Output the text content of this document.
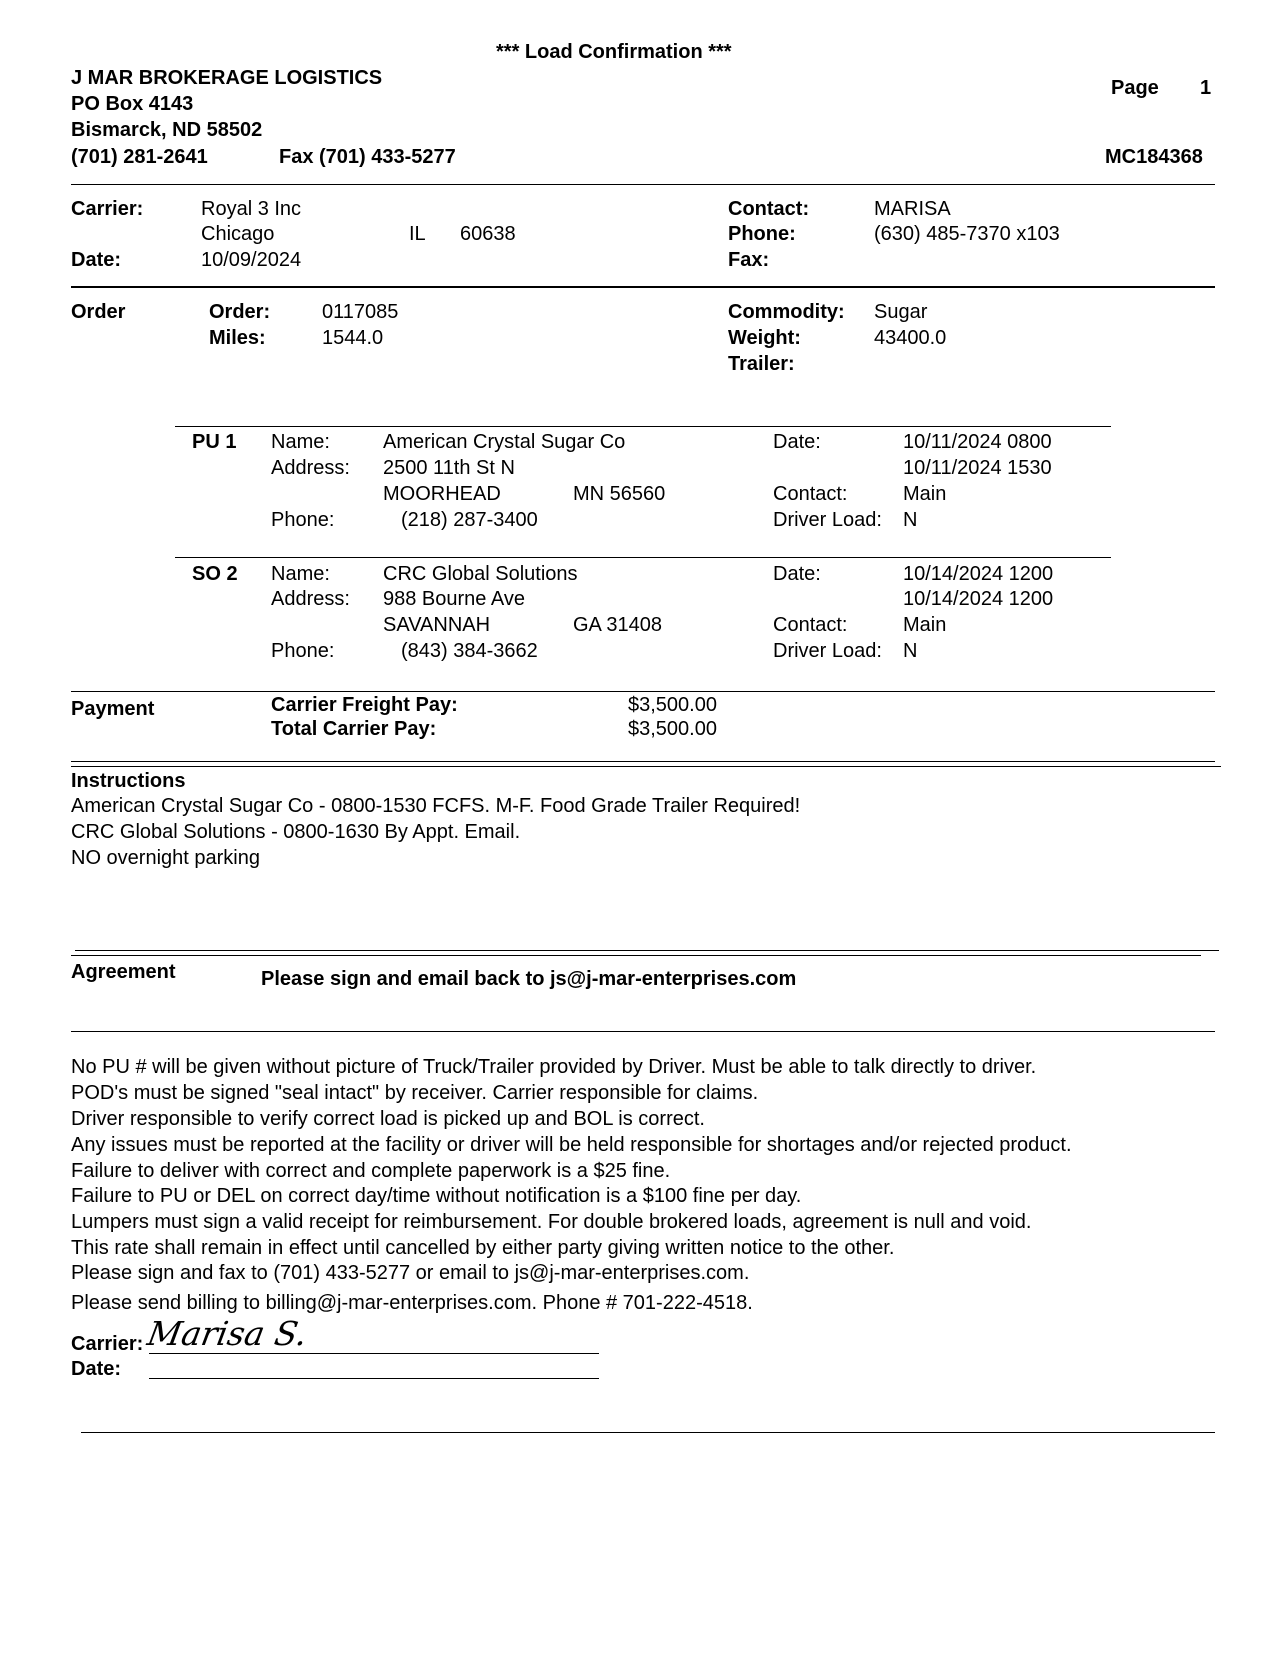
*** Load Confirmation ***
J MAR BROKERAGE LOGISTICS
PO Box 4143
Bismarck, ND 58502
(701) 281-2641	Fax (701) 433-5277
Page 1
MC184368
Carrier:	Royal 3 Inc
Chicago	IL 60638
Date:	10/09/2024
Contact:	MARISA
Phone:	(630) 485-7370 x103
Fax:
Order	Order:	0117085
Miles:	1544.0
Commodity: Sugar
Weight:	43400.0
Trailer:
PU 1 Name:	American Crystal Sugar Co
Address: 2500 11th St N
MOORHEAD	MN 56560
Phone:	(218) 287-3400
Date:	10/11/2024 0800
10/11/2024 1530
Contact:	Main
Driver Load: N
SO 2 Name:	CRC Global Solutions
Address: 988 Bourne Ave
SAVANNAH	GA 31408
Phone:	(843) 384-3662
Date:	10/14/2024 1200
10/14/2024 1200
Contact:	Main
Driver Load: N
Payment	Carrier Freight Pay:	$3,500.00
Total Carrier Pay:	$3,500.00
Instructions
American Crystal Sugar Co - 0800-1530 FCFS. M-F. Food Grade Trailer Required!
CRC Global Solutions - 0800-1630 By Appt. Email.
NO overnight parking
Agreement	Please sign and email back to js@j-mar-enterprises.com
No PU # will be given without picture of Truck/Trailer provided by Driver. Must be able to talk directly to driver.
POD's must be signed "seal intact" by receiver. Carrier responsible for claims.
Driver responsible to verify correct load is picked up and BOL is correct.
Any issues must be reported at the facility or driver will be held responsible for shortages and/or rejected product.
Failure to deliver with correct and complete paperwork is a $25 fine.
Failure to PU or DEL on correct day/time without notification is a $100 fine per day.
Lumpers must sign a valid receipt for reimbursement. For double brokered loads, agreement is null and void.
This rate shall remain in effect until cancelled by either party giving written notice to the other.
Please sign and fax to (701) 433-5277 or email to js@j-mar-enterprises.com.
Please send billing to billing@j-mar-enterprises.com. Phone # 701-222-4518.
Carrier: Marisa S.
Date:
